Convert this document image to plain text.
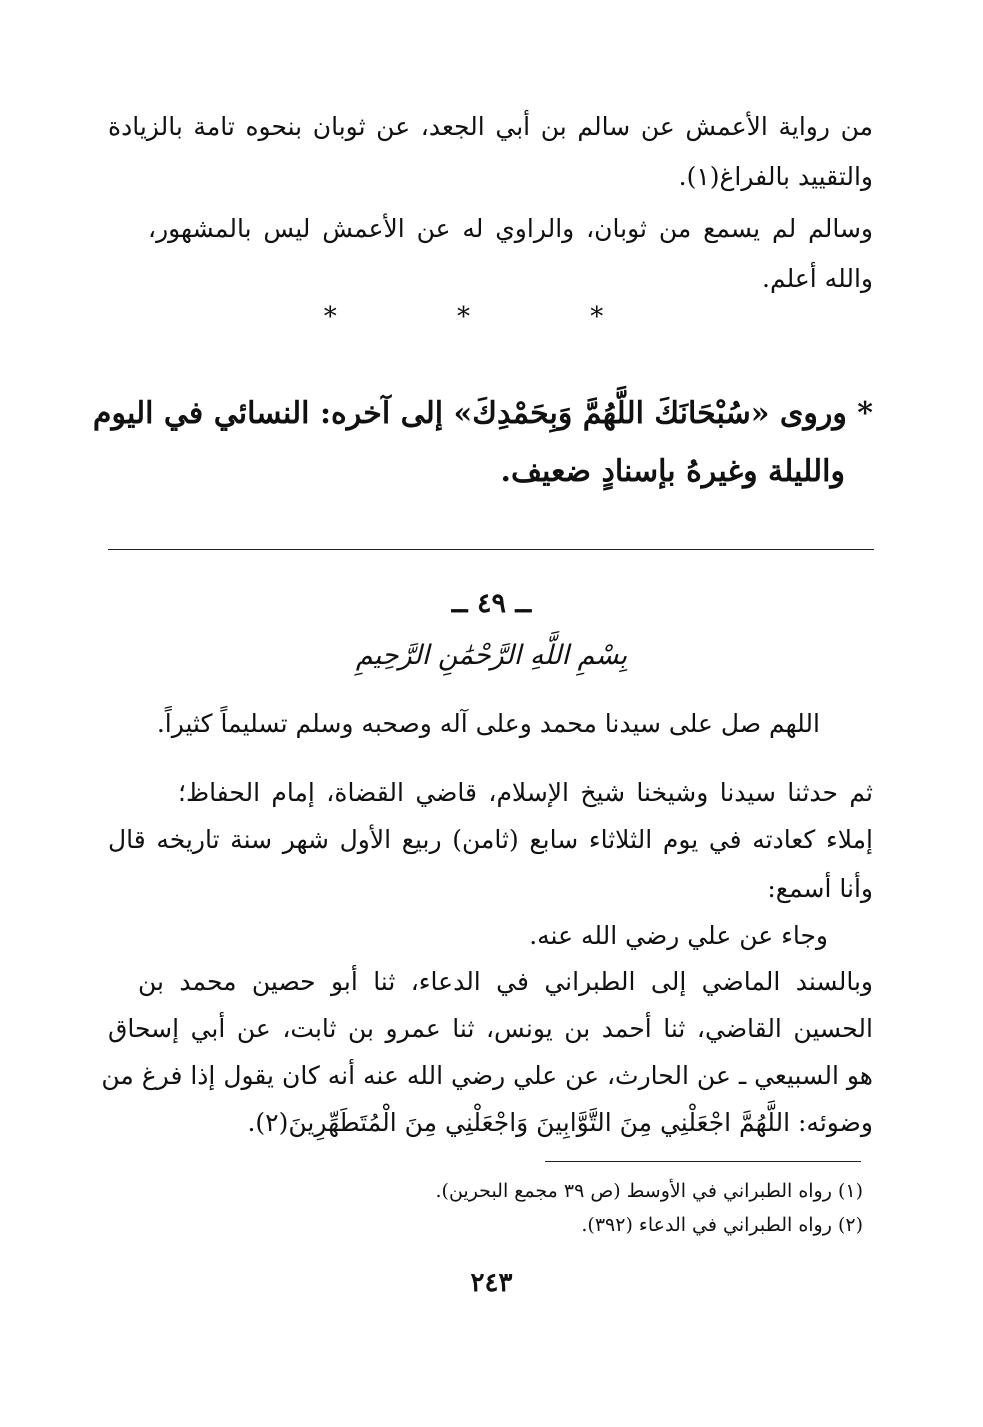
من رواية الأعمش عن سالم بن أبي الجعد، عن ثوبان بنحوه تامة بالزيادة
والتقييد بالفراغ(١).
وسالم لم يسمع من ثوبان، والراوي له عن الأعمش ليس بالمشهور،
والله أعلم.
* * *
* وروى «سُبْحَانَكَ اللَّهُمَّ وَبِحَمْدِكَ» إلى آخره: النسائي في اليوم
والليلة وغيرهُ بإسنادٍ ضعيف.
ــ ٤٩ ــ
بِسْمِ اللَّهِ الرَّحْمَٰنِ الرَّحِيمِ
اللهم صل على سيدنا محمد وعلى آله وصحبه وسلم تسليماً كثيراً.
ثم حدثنا سيدنا وشيخنا شيخ الإسلام، قاضي القضاة، إمام الحفاظ؛
إملاء كعادته في يوم الثلاثاء سابع (ثامن) ربيع الأول شهر سنة تاريخه قال
وأنا أسمع:
وجاء عن علي رضي الله عنه.
وبالسند الماضي إلى الطبراني في الدعاء، ثنا أبو حصين محمد بن
الحسين القاضي، ثنا أحمد بن يونس، ثنا عمرو بن ثابت، عن أبي إسحاق
هو السبيعي ـ عن الحارث، عن علي رضي الله عنه أنه كان يقول إذا فرغ من
وضوئه: اللَّهُمَّ اجْعَلْنِي مِنَ التَّوَّابِينَ وَاجْعَلْنِي مِنَ الْمُتَطَهِّرِينَ(٢).
(١) رواه الطبراني في الأوسط (ص ٣٩ مجمع البحرين).
(٢) رواه الطبراني في الدعاء (٣٩٢).
٢٤٣
